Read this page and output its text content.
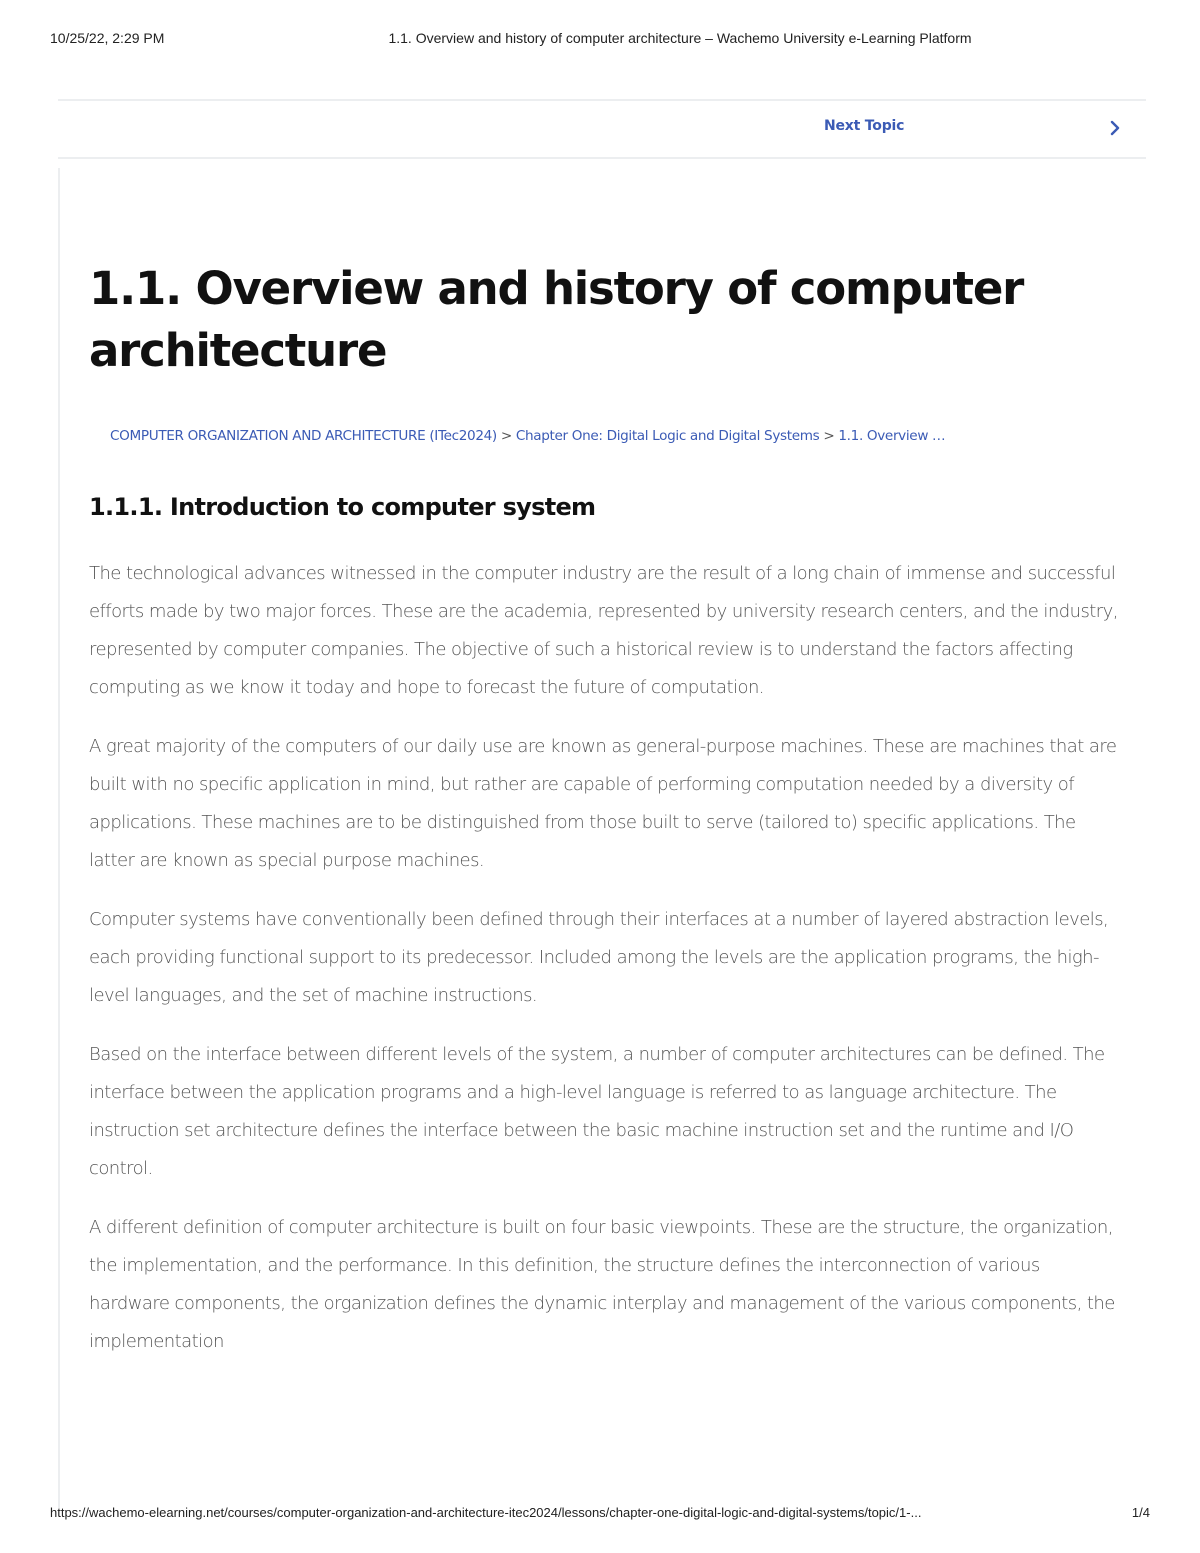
10/25/22, 2:29 PM	1.1. Overview and history of computer architecture – Wachemo University e-Learning Platform
Next Topic
1.1. Overview and history of computer architecture
COMPUTER ORGANIZATION AND ARCHITECTURE (ITec2024) > Chapter One: Digital Logic and Digital Systems > 1.1. Overview …
1.1.1. Introduction to computer system

The technological advances witnessed in the computer industry are the result of a long chain of immense and successful efforts made by two major forces. These are the academia, represented by university research centers, and the industry, represented by computer companies. The objective of such a historical review is to understand the factors affecting computing as we know it today and hope to forecast the future of computation.

A great majority of the computers of our daily use are known as general-purpose machines. These are machines that are built with no specific application in mind, but rather are capable of performing computation needed by a diversity of applications. These machines are to be distinguished from those built to serve (tailored to) specific applications. The latter are known as special purpose machines.

Computer systems have conventionally been defined through their interfaces at a number of layered abstraction levels, each providing functional support to its predecessor. Included among the levels are the application programs, the high-level languages, and the set of machine instructions.

Based on the interface between different levels of the system, a number of computer architectures can be defined. The interface between the application programs and a high-level language is referred to as language architecture. The instruction set architecture defines the interface between the basic machine instruction set and the runtime and I/O control.

A different definition of computer architecture is built on four basic viewpoints. These are the structure, the organization, the implementation, and the performance. In this definition, the structure defines the interconnection of various hardware components, the organization defines the dynamic interplay and management of the various components, the implementation

https://wachemo-elearning.net/courses/computer-organization-and-architecture-itec2024/lessons/chapter-one-digital-logic-and-digital-systems/topic/1-...	1/4
